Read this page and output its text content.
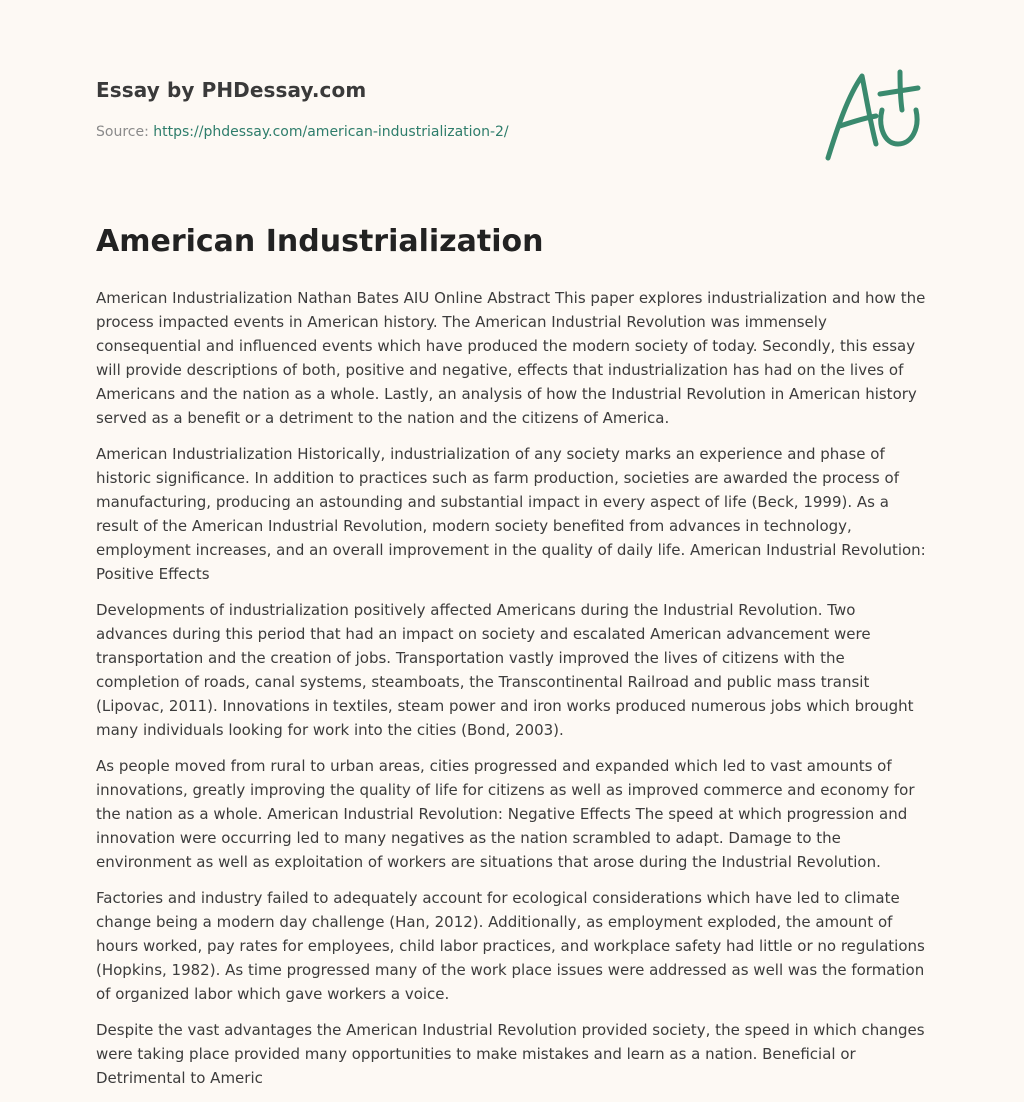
Essay by PHDessay.com

Source: https://phdessay.com/american-industrialization-2/

American Industrialization

American Industrialization Nathan Bates AIU Online Abstract This paper explores industrialization and how the process impacted events in American history. The American Industrial Revolution was immensely consequential and influenced events which have produced the modern society of today. Secondly, this essay will provide descriptions of both, positive and negative, effects that industrialization has had on the lives of Americans and the nation as a whole. Lastly, an analysis of how the Industrial Revolution in American history served as a benefit or a detriment to the nation and the citizens of America.

American Industrialization Historically, industrialization of any society marks an experience and phase of historic significance. In addition to practices such as farm production, societies are awarded the process of manufacturing, producing an astounding and substantial impact in every aspect of life (Beck, 1999). As a result of the American Industrial Revolution, modern society benefited from advances in technology, employment increases, and an overall improvement in the quality of daily life. American Industrial Revolution: Positive Effects

Developments of industrialization positively affected Americans during the Industrial Revolution. Two advances during this period that had an impact on society and escalated American advancement were transportation and the creation of jobs. Transportation vastly improved the lives of citizens with the completion of roads, canal systems, steamboats, the Transcontinental Railroad and public mass transit (Lipovac, 2011). Innovations in textiles, steam power and iron works produced numerous jobs which brought many individuals looking for work into the cities (Bond, 2003).

As people moved from rural to urban areas, cities progressed and expanded which led to vast amounts of innovations, greatly improving the quality of life for citizens as well as improved commerce and economy for the nation as a whole. American Industrial Revolution: Negative Effects The speed at which progression and innovation were occurring led to many negatives as the nation scrambled to adapt. Damage to the environment as well as exploitation of workers are situations that arose during the Industrial Revolution.

Factories and industry failed to adequately account for ecological considerations which have led to climate change being a modern day challenge (Han, 2012). Additionally, as employment exploded, the amount of hours worked, pay rates for employees, child labor practices, and workplace safety had little or no regulations (Hopkins, 1982). As time progressed many of the work place issues were addressed as well was the formation of organized labor which gave workers a voice.

Despite the vast advantages the American Industrial Revolution provided society, the speed in which changes were taking place provided many opportunities to make mistakes and learn as a nation. Beneficial or Detrimental to Americ
